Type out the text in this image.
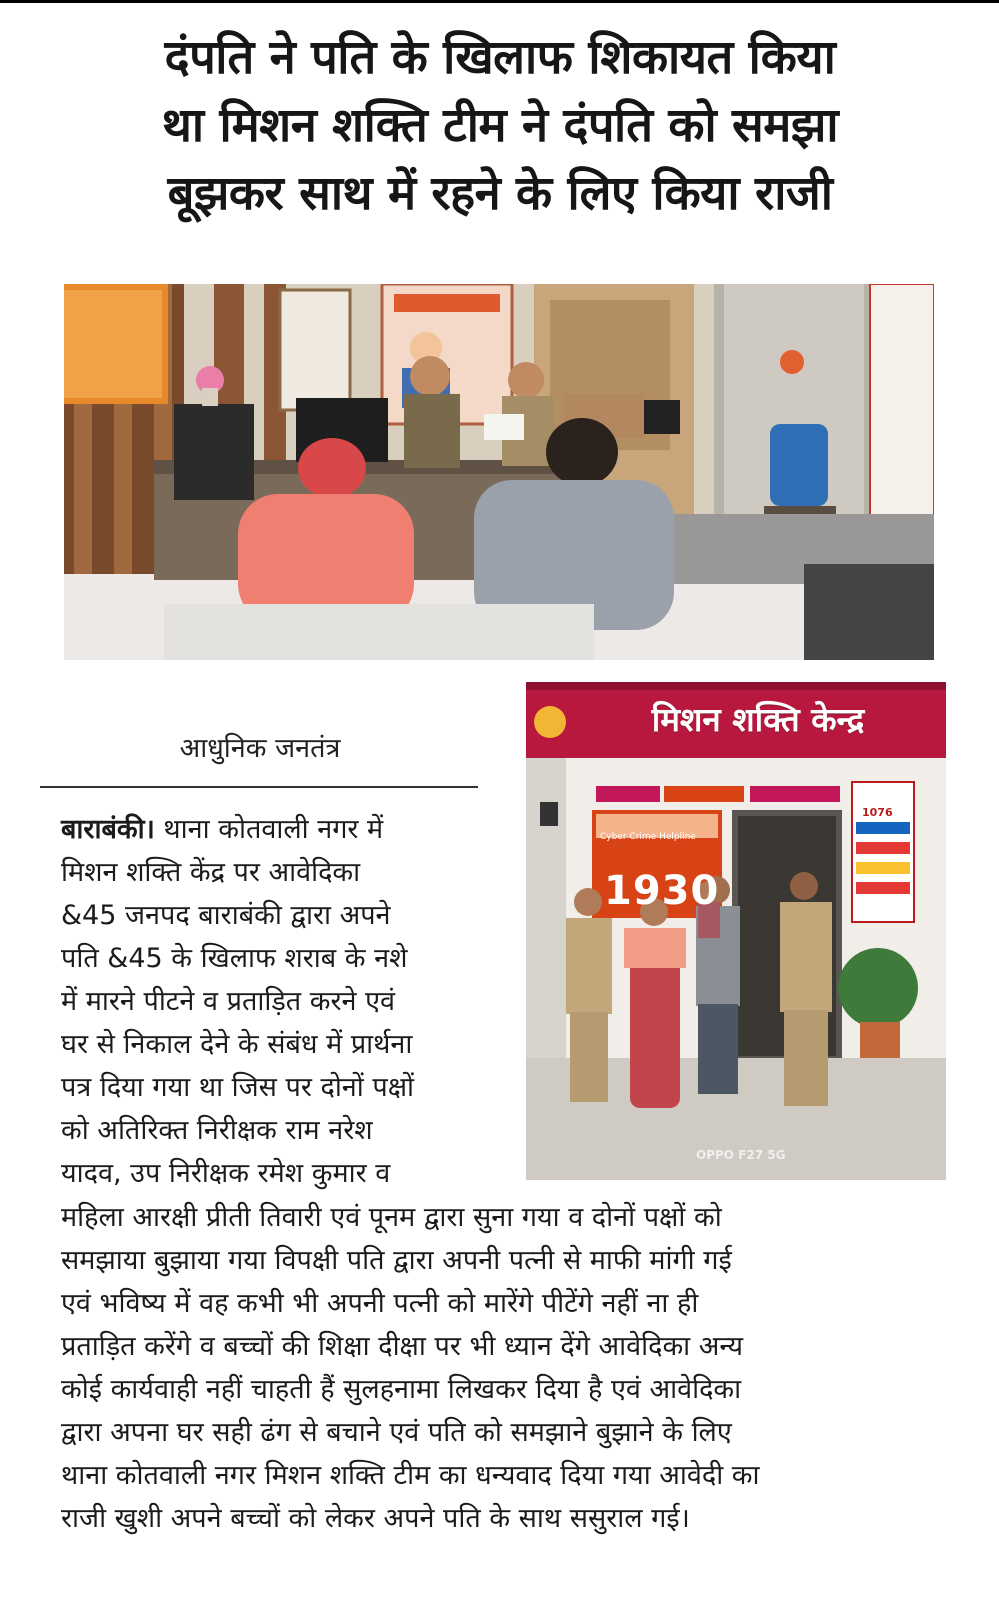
दंपति ने पति के खिलाफ शिकायत किया
था मिशन शक्ति टीम ने दंपति को समझा
बूझकर साथ में रहने के लिए किया राजी
आधुनिक जनतंत्र
मिशन शक्ति केन्द्र
Cyber Crime Helpline
1930
1076
OPPO F27 5G
बाराबंकी। थाना कोतवाली नगर में
मिशन शक्ति केंद्र पर आवेदिका
&45 जनपद बाराबंकी द्वारा अपने
पति &45 के खिलाफ शराब के नशे
में मारने पीटने व प्रताड़ित करने एवं
घर से निकाल देने के संबंध में प्रार्थना
पत्र दिया गया था जिस पर दोनों पक्षों
को अतिरिक्त निरीक्षक राम नरेश
यादव, उप निरीक्षक रमेश कुमार व
महिला आरक्षी प्रीती तिवारी एवं पूनम द्वारा सुना गया व दोनों पक्षों को
समझाया बुझाया गया विपक्षी पति द्वारा अपनी पत्नी से माफी मांगी गई
एवं भविष्य में वह कभी भी अपनी पत्नी को मारेंगे पीटेंगे नहीं ना ही
प्रताड़ित करेंगे व बच्चों की शिक्षा दीक्षा पर भी ध्यान देंगे आवेदिका अन्य
कोई कार्यवाही नहीं चाहती हैं सुलहनामा लिखकर दिया है एवं आवेदिका
द्वारा अपना घर सही ढंग से बचाने एवं पति को समझाने बुझाने के लिए
थाना कोतवाली नगर मिशन शक्ति टीम का धन्यवाद दिया गया आवेदी का
राजी खुशी अपने बच्चों को लेकर अपने पति के साथ ससुराल गई।
